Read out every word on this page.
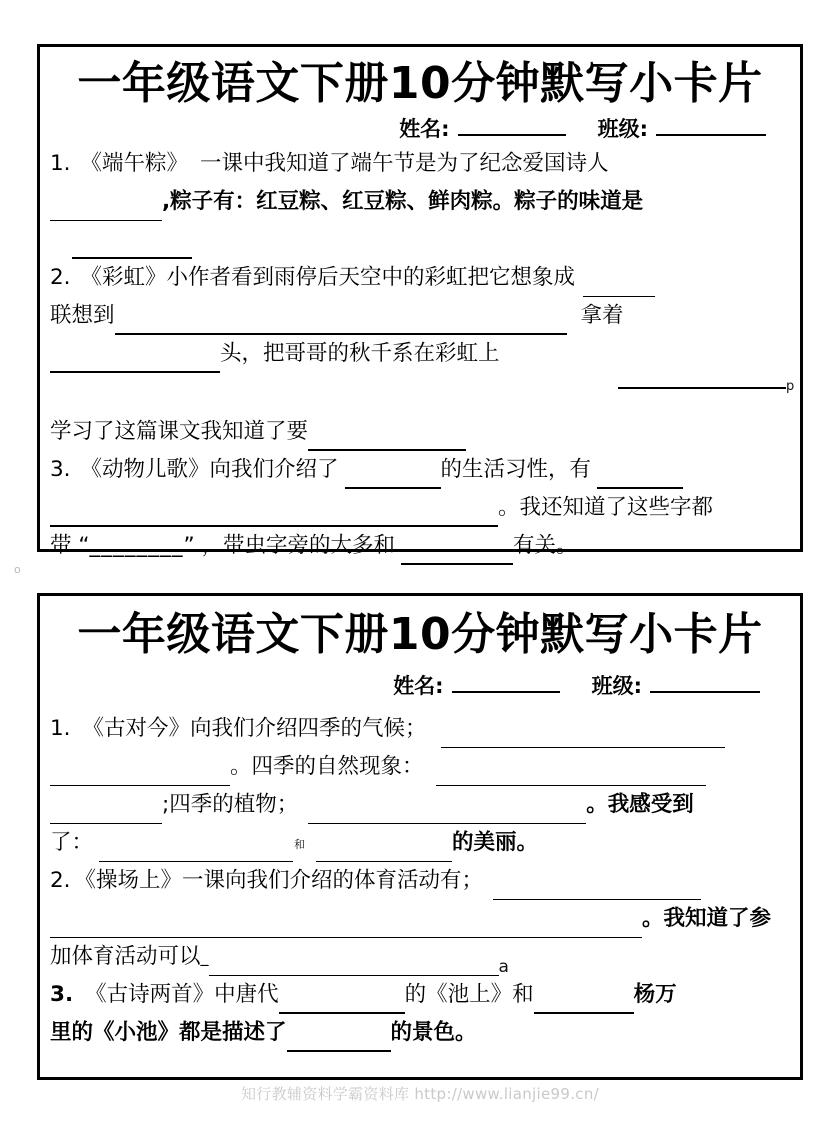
一年级语文下册10分钟默写小卡片
姓名:	班级:
1. 《端午粽》 一课中我知道了端午节是为了纪念爱国诗人
,粽子有：红豆粽、红豆粽、鲜肉粽。粽子的味道是
2. 《彩虹》小作者看到雨停后天空中的彩虹把它想象成
联想到	拿着
头，把哥哥的秋千系在彩虹上
p
学习了这篇课文我知道了要
3. 《动物儿歌》向我们介绍了	的生活习性，有
。我还知道了这些字都
带 “ ________ ” ，带虫字旁的大多和	有关。
o
一年级语文下册10分钟默写小卡片
姓名:	班级:
1. 《古对今》向我们介绍四季的气候；
。四季的自然现象：
;四季的植物；	。我感受到
了：	和	的美丽。
2. 《操场上》一课向我们介绍的体育活动有；
。我知道了参
加体育活动可以 _
a
3. 《古诗两首》中唐代	的《池上》和	杨万
里的《小池》都是描述了	的景色。
知行教辅资料学霸资料库 http://www.lianjie99.cn/
